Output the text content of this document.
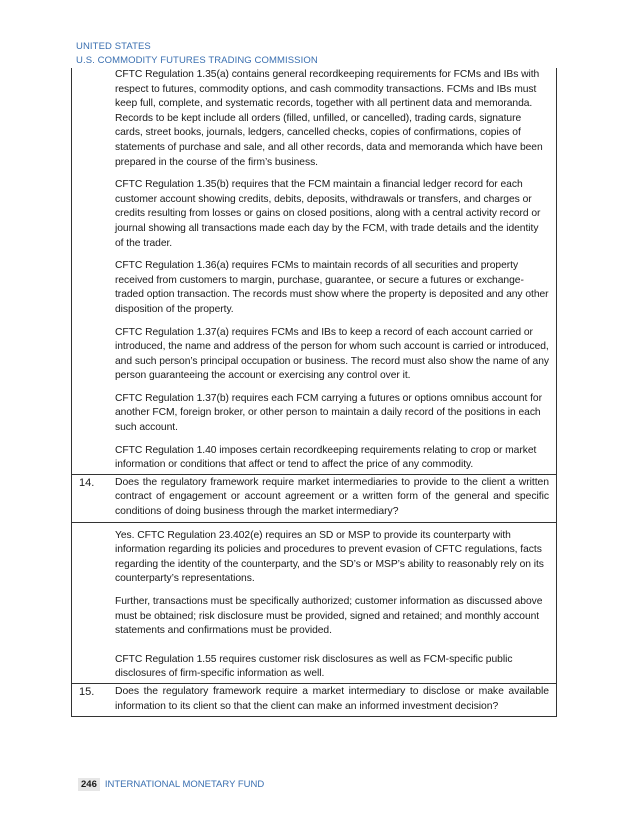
UNITED STATES
U.S. COMMODITY FUTURES TRADING COMMISSION

CFTC Regulation 1.35(a) contains general recordkeeping requirements for FCMs and IBs with respect to futures, commodity options, and cash commodity transactions. FCMs and IBs must keep full, complete, and systematic records, together with all pertinent data and memoranda. Records to be kept include all orders (filled, unfilled, or cancelled), trading cards, signature cards, street books, journals, ledgers, cancelled checks, copies of confirmations, copies of statements of purchase and sale, and all other records, data and memoranda which have been prepared in the course of the firm’s business.

CFTC Regulation 1.35(b) requires that the FCM maintain a financial ledger record for each customer account showing credits, debits, deposits, withdrawals or transfers, and charges or credits resulting from losses or gains on closed positions, along with a central activity record or journal showing all transactions made each day by the FCM, with trade details and the identity of the trader.

CFTC Regulation 1.36(a) requires FCMs to maintain records of all securities and property received from customers to margin, purchase, guarantee, or secure a futures or exchange-traded option transaction. The records must show where the property is deposited and any other disposition of the property.

CFTC Regulation 1.37(a) requires FCMs and IBs to keep a record of each account carried or introduced, the name and address of the person for whom such account is carried or introduced, and such person’s principal occupation or business. The record must also show the name of any person guaranteeing the account or exercising any control over it.

CFTC Regulation 1.37(b) requires each FCM carrying a futures or options omnibus account for another FCM, foreign broker, or other person to maintain a daily record of the positions in each such account.

CFTC Regulation 1.40 imposes certain recordkeeping requirements relating to crop or market information or conditions that affect or tend to affect the price of any commodity.

14.	Does the regulatory framework require market intermediaries to provide to the client a written contract of engagement or account agreement or a written form of the general and specific conditions of doing business through the market intermediary?

Yes. CFTC Regulation 23.402(e) requires an SD or MSP to provide its counterparty with information regarding its policies and procedures to prevent evasion of CFTC regulations, facts regarding the identity of the counterparty, and the SD’s or MSP’s ability to reasonably rely on its counterparty’s representations.

Further, transactions must be specifically authorized; customer information as discussed above must be obtained; risk disclosure must be provided, signed and retained; and monthly account statements and confirmations must be provided.

CFTC Regulation 1.55 requires customer risk disclosures as well as FCM-specific public disclosures of firm-specific information as well.

15.	Does the regulatory framework require a market intermediary to disclose or make available information to its client so that the client can make an informed investment decision?
246 INTERNATIONAL MONETARY FUND
